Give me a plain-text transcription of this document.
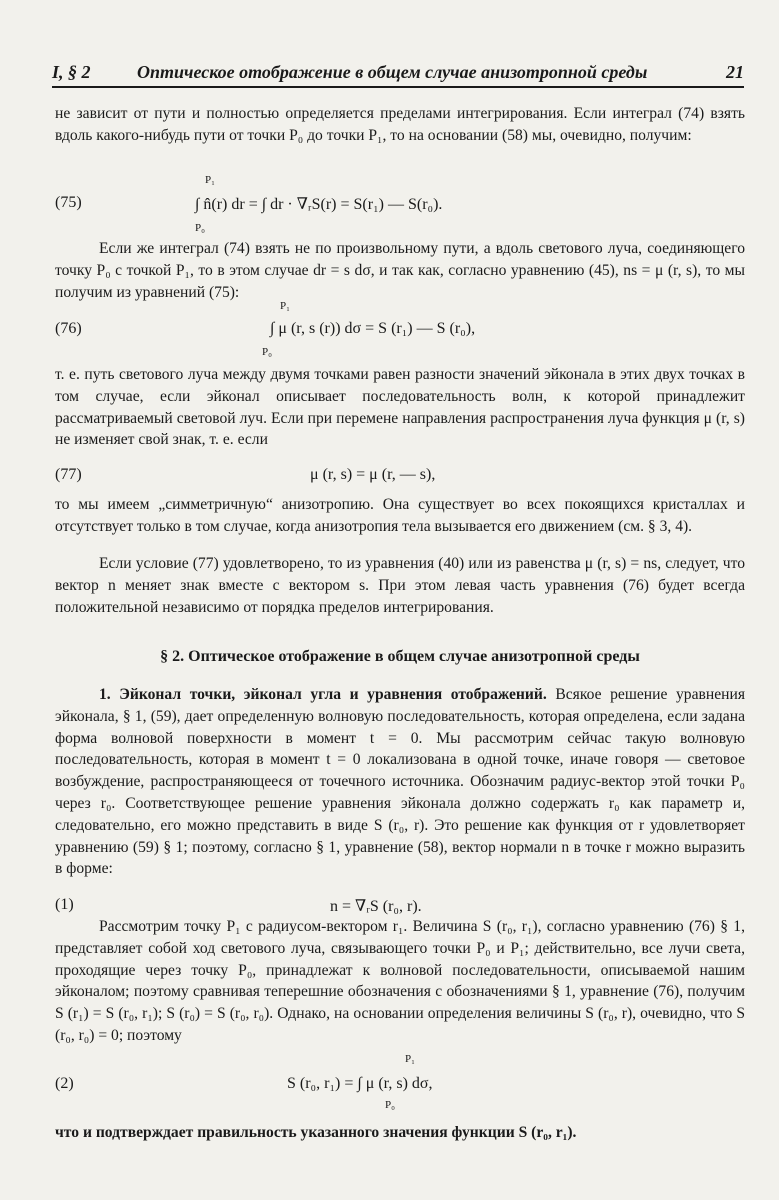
I, § 2	Оптическое отображение в общем случае анизотропной среды	21
не зависит от пути и полностью определяется пределами интегрирования. Если интеграл (74) взять вдоль какого-нибудь пути от точки P₀ до точки P₁, то на основании (58) мы, очевидно, получим:
(75)
P₁
P₀
∫ n̂(r) dr = ∫ dr · ∇ᵣS(r) = S(r₁) — S(r₀).
Если же интеграл (74) взять не по произвольному пути, а вдоль светового луча, соединяющего точку P₀ с точкой P₁, то в этом случае dr = s dσ, и так как, согласно уравнению (45), ns = μ (r, s), то мы получим из уравнений (75):
(76)
P₁
P₀
∫ μ (r, s (r)) dσ = S (r₁) — S (r₀),
т. е. путь светового луча между двумя точками равен разности значений эйконала в этих двух точках в том случае, если эйконал описывает последовательность волн, к которой принадлежит рассматриваемый световой луч. Если при перемене направления распространения луча функция μ (r, s) не изменяет свой знак, т. е. если
(77)	μ (r, s) = μ (r, — s),
то мы имеем „симметричную“ анизотропию. Она существует во всех покоящихся кристаллах и отсутствует только в том случае, когда анизотропия тела вызывается его движением (см. § 3, 4).
Если условие (77) удовлетворено, то из уравнения (40) или из равенства μ (r, s) = ns, следует, что вектор n меняет знак вместе с вектором s. При этом левая часть уравнения (76) будет всегда положительной независимо от порядка пределов интегрирования.
§ 2. Оптическое отображение в общем случае анизотропной среды
1. Эйконал точки, эйконал угла и уравнения отображений. Всякое решение уравнения эйконала, § 1, (59), дает определенную волновую последовательность, которая определена, если задана форма волновой поверхности в момент t = 0. Мы рассмотрим сейчас такую волновую последовательность, которая в момент t = 0 локализована в одной точке, иначе говоря — световое возбуждение, распространяющееся от точечного источника. Обозначим радиус-вектор этой точки P₀ через r₀. Соответствующее решение уравнения эйконала должно содержать r₀ как параметр и, следовательно, его можно представить в виде S (r₀, r). Это решение как функция от r удовлетворяет уравнению (59) § 1; поэтому, согласно § 1, уравнение (58), вектор нормали n в точке r можно выразить в форме:
(1)	n = ∇ᵣS (r₀, r).
Рассмотрим точку P₁ с радиусом-вектором r₁. Величина S (r₀, r₁), согласно уравнению (76) § 1, представляет собой ход светового луча, связывающего точки P₀ и P₁; действительно, все лучи света, проходящие через точку P₀, принадлежат к волновой последовательности, описываемой нашим эйконалом; поэтому сравнивая теперешние обозначения с обозначениями § 1, уравнение (76), получим S (r₁) = S (r₀, r₁); S (r₀) = S (r₀, r₀). Однако, на основании определения величины S (r₀, r), очевидно, что S (r₀, r₀) = 0; поэтому
(2)
P₁
P₀
S (r₀, r₁) = ∫ μ (r, s) dσ,
что и подтверждает правильность указанного значения функции S (r₀, r₁).
